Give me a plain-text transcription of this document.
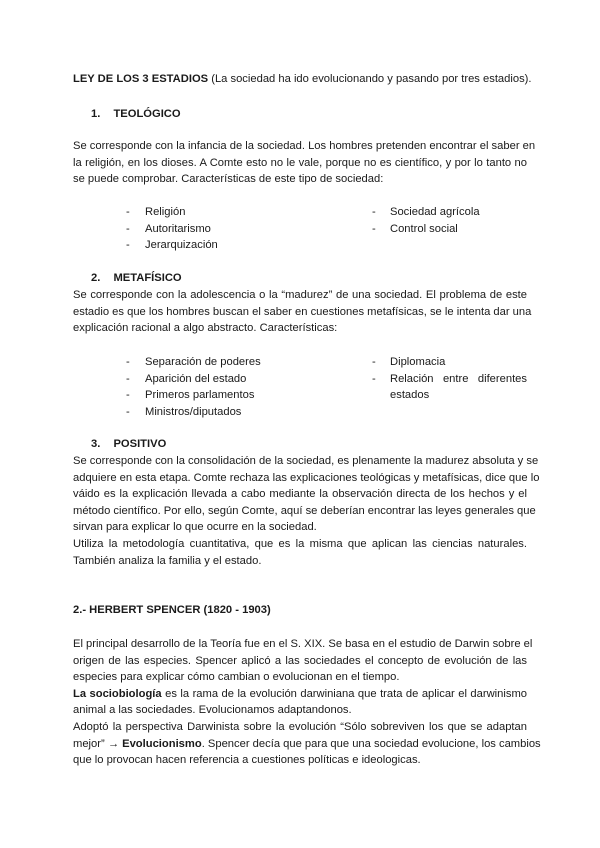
LEY DE LOS 3 ESTADIOS (La sociedad ha ido evolucionando y pasando por tres estadios).
1. TEOLÓGICO
Se corresponde con la infancia de la sociedad. Los hombres pretenden encontrar el saber en
la religión, en los dioses. A Comte esto no le vale, porque no es científico, y por lo tanto no
se puede comprobar. Características de este tipo de sociedad:
- Religión
- Autoritarismo
- Jerarquización
- Sociedad agrícola
- Control social
2. METAFÍSICO
Se corresponde con la adolescencia o la “madurez” de una sociedad. El problema de este
estadio es que los hombres buscan el saber en cuestiones metafísicas, se le intenta dar una
explicación racional a algo abstracto. Características:
- Separación de poderes
- Aparición del estado
- Primeros parlamentos
- Ministros/diputados
- Diplomacia
- Relación entre diferentes
estados
3. POSITIVO
Se corresponde con la consolidación de la sociedad, es plenamente la madurez absoluta y se
adquiere en esta etapa. Comte rechaza las explicaciones teológicas y metafísicas, dice que lo
váido es la explicación llevada a cabo mediante la observación directa de los hechos y el
método científico. Por ello, según Comte, aquí se deberían encontrar las leyes generales que
sirvan para explicar lo que ocurre en la sociedad.
Utiliza la metodología cuantitativa, que es la misma que aplican las ciencias naturales.
También analiza la familia y el estado.
2.- HERBERT SPENCER (1820 - 1903)
El principal desarrollo de la Teoría fue en el S. XIX. Se basa en el estudio de Darwin sobre el
origen de las especies. Spencer aplicó a las sociedades el concepto de evolución de las
especies para explicar cómo cambian o evolucionan en el tiempo.
La sociobiología es la rama de la evolución darwiniana que trata de aplicar el darwinismo
animal a las sociedades. Evolucionamos adaptandonos.
Adoptó la perspectiva Darwinista sobre la evolución “Sólo sobreviven los que se adaptan
mejor” → Evolucionismo. Spencer decía que para que una sociedad evolucione, los cambios
que lo provocan hacen referencia a cuestiones políticas e ideologicas.
